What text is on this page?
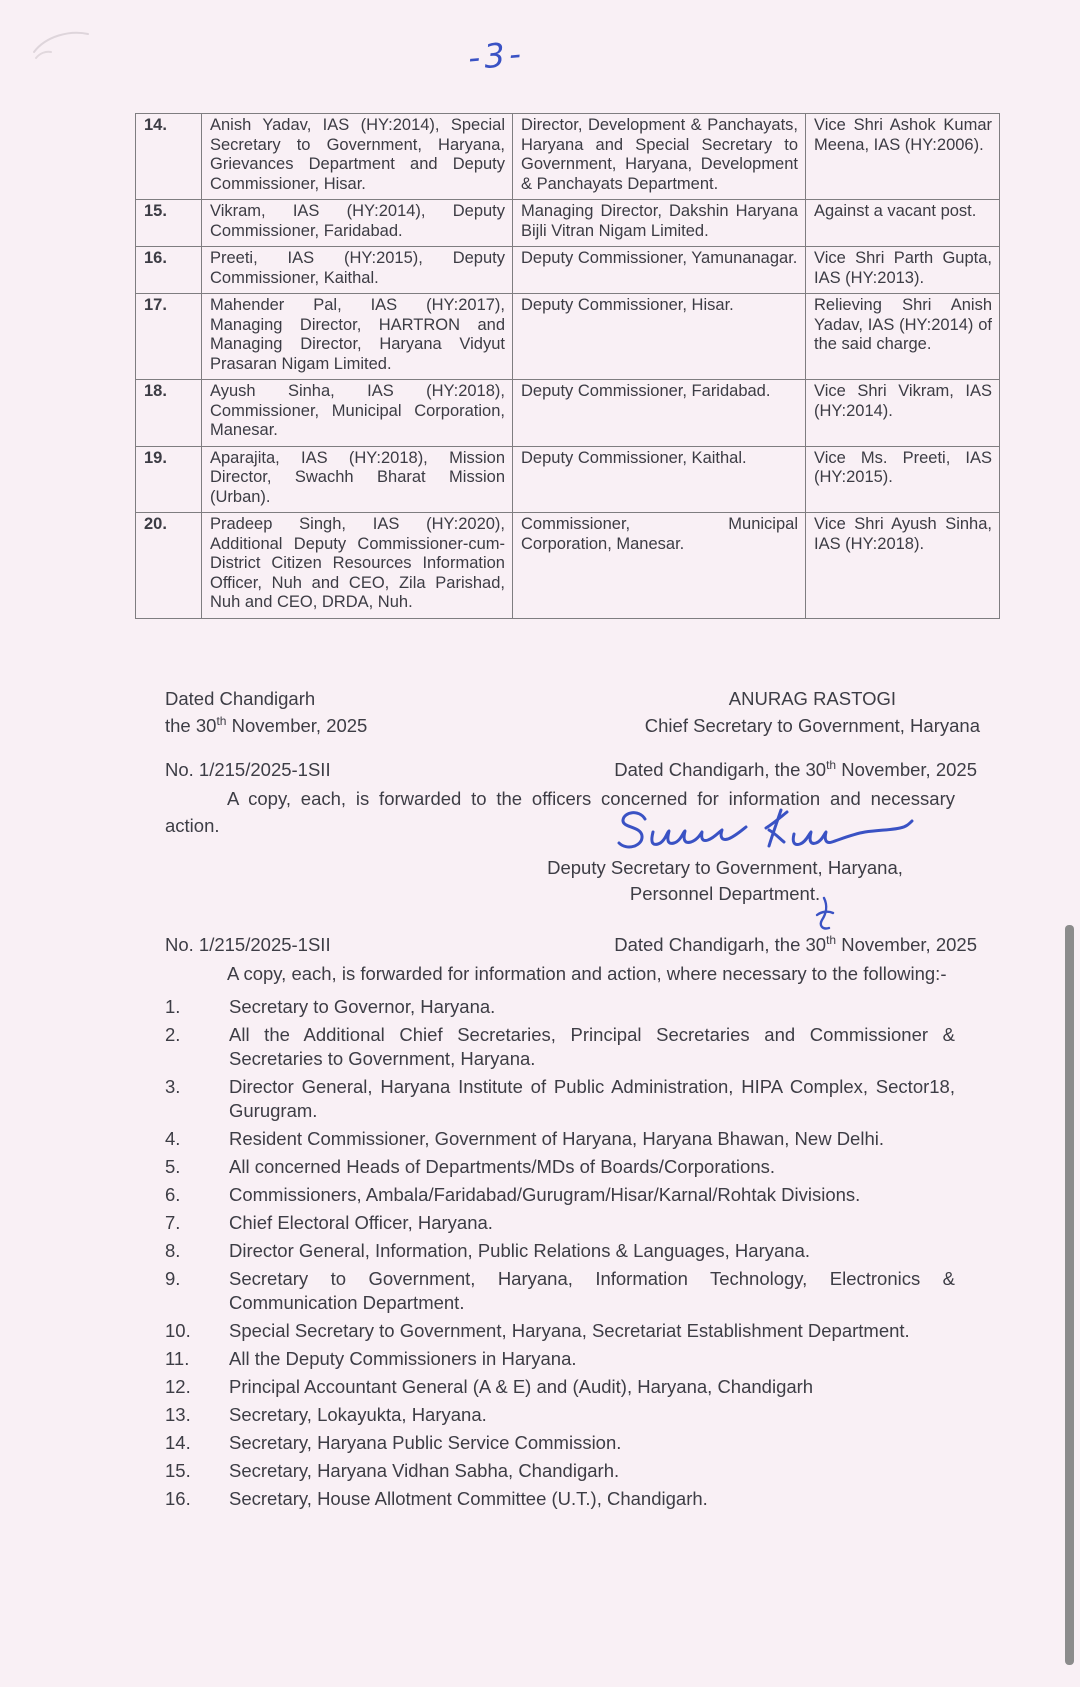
-3-
14.	Anish Yadav, IAS (HY:2014), Special Secretary to Government, Haryana, Grievances Department and Deputy Commissioner, Hisar.	Director, Development & Panchayats, Haryana and Special Secretary to Government, Haryana, Development & Panchayats Department.	Vice Shri Ashok Kumar Meena, IAS (HY:2006).
15.	Vikram, IAS (HY:2014), Deputy Commissioner, Faridabad.	Managing Director, Dakshin Haryana Bijli Vitran Nigam Limited.	Against a vacant post.
16.	Preeti, IAS (HY:2015), Deputy Commissioner, Kaithal.	Deputy Commissioner, Yamunanagar.	Vice Shri Parth Gupta, IAS (HY:2013).
17.	Mahender Pal, IAS (HY:2017), Managing Director, HARTRON and Managing Director, Haryana Vidyut Prasaran Nigam Limited.	Deputy Commissioner, Hisar.	Relieving Shri Anish Yadav, IAS (HY:2014) of the said charge.
18.	Ayush Sinha, IAS (HY:2018), Commissioner, Municipal Corporation, Manesar.	Deputy Commissioner, Faridabad.	Vice Shri Vikram, IAS (HY:2014).
19.	Aparajita, IAS (HY:2018), Mission Director, Swachh Bharat Mission (Urban).	Deputy Commissioner, Kaithal.	Vice Ms. Preeti, IAS (HY:2015).
20.	Pradeep Singh, IAS (HY:2020), Additional Deputy Commissioner-cum-District Citizen Resources Information Officer, Nuh and CEO, Zila Parishad, Nuh and CEO, DRDA, Nuh.	Commissioner, Municipal Corporation, Manesar.	Vice Shri Ayush Sinha, IAS (HY:2018).
Dated Chandigarh
the 30th November, 2025
ANURAG RASTOGI
Chief Secretary to Government, Haryana
No. 1/215/2025-1SII	Dated Chandigarh, the 30th November, 2025

A copy, each, is forwarded to the officers concerned for information and necessary action.

Deputy Secretary to Government, Haryana,
Personnel Department.
No. 1/215/2025-1SII	Dated Chandigarh, the 30th November, 2025

A copy, each, is forwarded for information and action, where necessary to the following:-

1.	Secretary to Governor, Haryana.
2.	All the Additional Chief Secretaries, Principal Secretaries and Commissioner & Secretaries to Government, Haryana.
3.	Director General, Haryana Institute of Public Administration, HIPA Complex, Sector18, Gurugram.
4.	Resident Commissioner, Government of Haryana, Haryana Bhawan, New Delhi.
5.	All concerned Heads of Departments/MDs of Boards/Corporations.
6.	Commissioners, Ambala/Faridabad/Gurugram/Hisar/Karnal/Rohtak Divisions.
7.	Chief Electoral Officer, Haryana.
8.	Director General, Information, Public Relations & Languages, Haryana.
9.	Secretary to Government, Haryana, Information Technology, Electronics & Communication Department.
10.	Special Secretary to Government, Haryana, Secretariat Establishment Department.
11.	All the Deputy Commissioners in Haryana.
12.	Principal Accountant General (A & E) and (Audit), Haryana, Chandigarh
13.	Secretary, Lokayukta, Haryana.
14.	Secretary, Haryana Public Service Commission.
15.	Secretary, Haryana Vidhan Sabha, Chandigarh.
16.	Secretary, House Allotment Committee (U.T.), Chandigarh.
